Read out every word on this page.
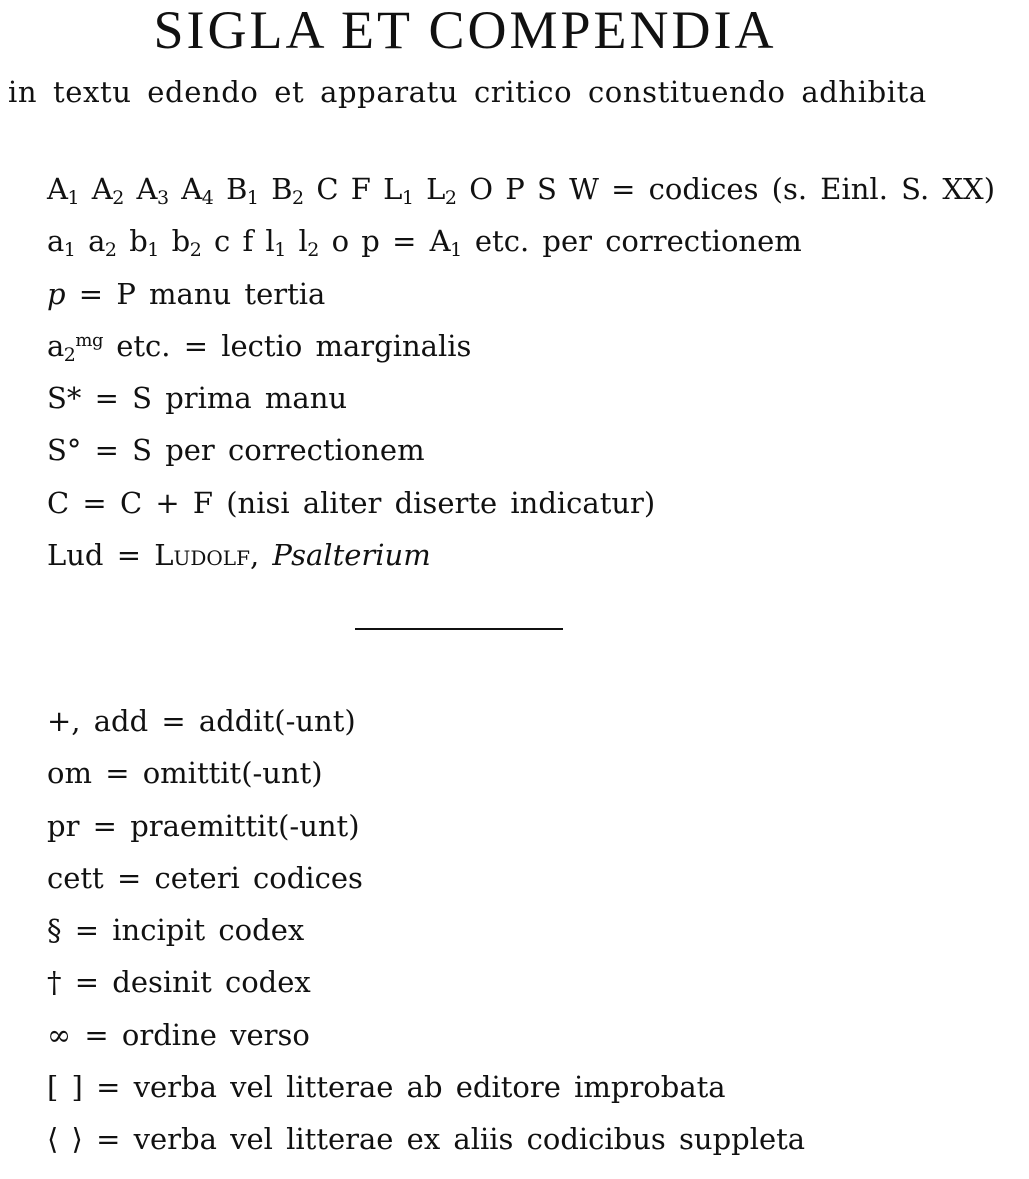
SIGLA ET COMPENDIA

in textu edendo et apparatu critico constituendo adhibita

$A_1$ $A_2$ $A_3$ $A_4$ $B_1$ $B_2$ C F $L_1$ $L_2$ O P S W = codices (s. Einl. S. XX)
$a_1$ $a_2$ $b_1$ $b_2$ c f $l_1$ $l_2$ o $p = A_1$ etc. per correctionem
p = P manu tertia
$a_2^{mg}$ etc. = lectio marginalis
S* = S prima manu
S° = S per correctionem
C = C + F (nisi aliter diserte indicatur)
Lud = Ludolf, Psalterium
+, add = addit(-unt)
om = omittit(-unt)
pr = praemittit(-unt)
cett = ceteri codices
§ = incipit codex
† = desinit codex
∞ = ordine verso
[ ] = verba vel litterae ab editore improbata
⟨ ⟩ = verba vel litterae ex aliis codicibus suppleta
